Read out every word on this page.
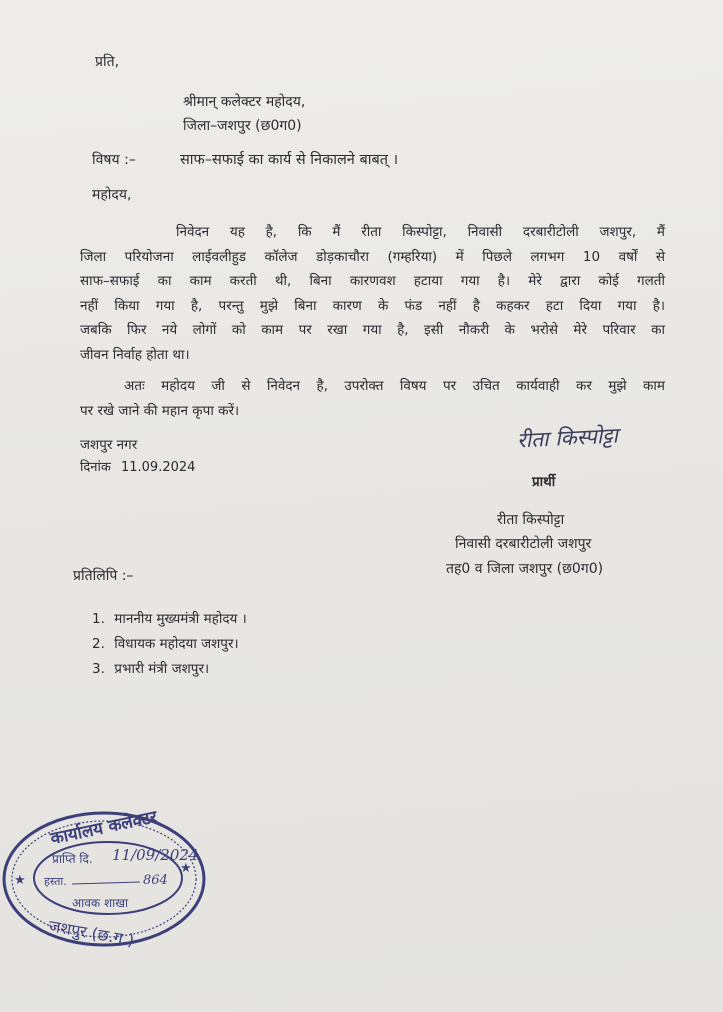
प्रति,
श्रीमान् कलेक्टर महोदय,
जिला–जशपुर (छ0ग0)
विषय :–	साफ–सफाई का कार्य से निकालने बाबत् ।
महोदय,
निवेदन यह है, कि मैं रीता किस्पोट्टा, निवासी दरबारीटोली जशपुर, मैं
जिला परियोजना लाईवलीहुड कॉलेज डोड़काचौरा (गम्हरिया) में पिछले लगभग 10 वर्षों से
साफ–सफाई का काम करती थी, बिना कारणवश हटाया गया है। मेरे द्वारा कोई गलती
नहीं किया गया है, परन्तु मुझे बिना कारण के फंड नहीं है कहकर हटा दिया गया है।
जबकि फिर नये लोगों को काम पर रखा गया है, इसी नौकरी के भरोसे मेरे परिवार का
जीवन निर्वाह होता था।
अतः महोदय जी से निवेदन है, उपरोक्त विषय पर उचित कार्यवाही कर मुझे काम
पर रखे जाने की महान कृपा करें।
जशपुर नगर
दिनांक 11.09.2024
रीता किस्पोट्टा
प्रार्थी
रीता किस्पोट्टा
निवासी दरबारीटोली जशपुर
तह0 व जिला जशपुर (छ0ग0)
प्रतिलिपि :–
1. माननीय मुख्यमंत्री महोदय ।
2. विधायक महोदया जशपुर।
3. प्रभारी मंत्री जशपुर।
कार्यालय कलेक्टर
★
★
प्राप्ति दि. 11/09/2024
हस्ता.	864
आवक शाखा
जशपुर (छ.ग.)
